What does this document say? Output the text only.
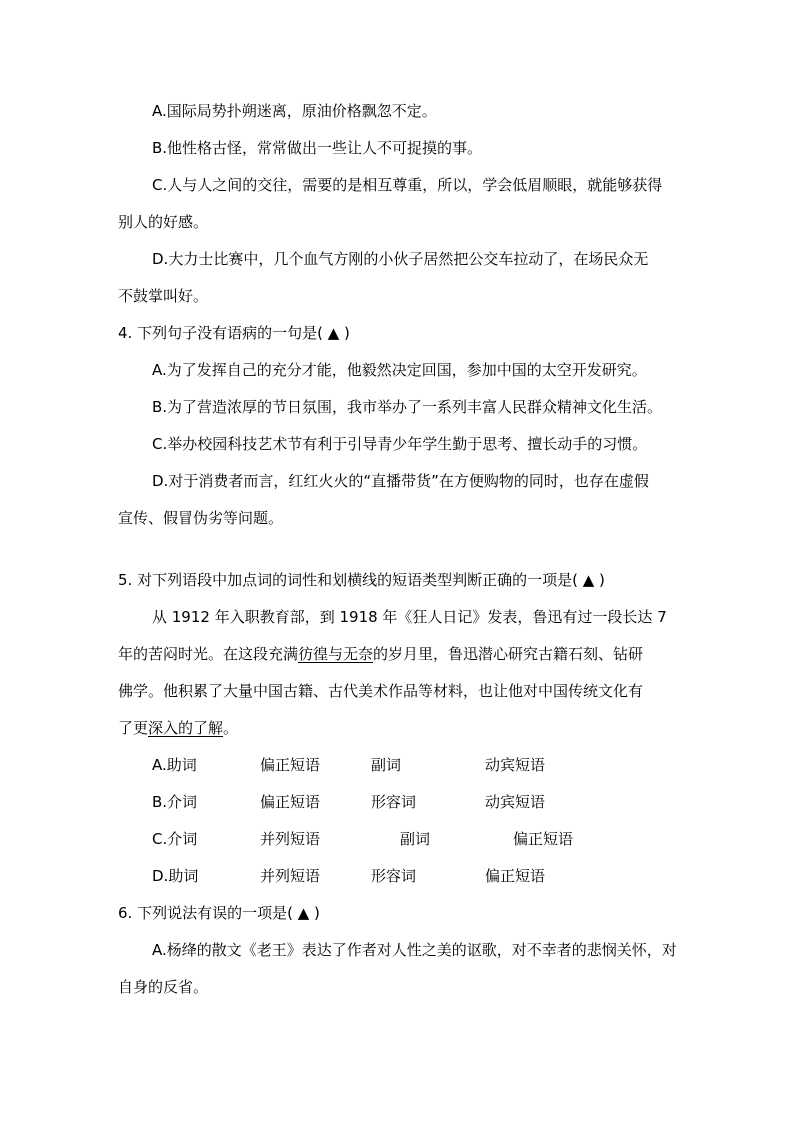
A.国际局势扑朔迷离，原油价格飘忽不定。
B.他性格古怪，常常做出一些让人不可捉摸的事。
C.人与人之间的交往，需要的是相互尊重，所以，学会低眉顺眼，就能够获得
别人的好感。
D.大力士比赛中，几个血气方刚的小伙子居然把公交车拉动了，在场民众无
不鼓掌叫好。
4. 下列句子没有语病的一句是( ▲ )
A.为了发挥自己的充分才能，他毅然决定回国，参加中国的太空开发研究。
B.为了营造浓厚的节日氛围，我市举办了一系列丰富人民群众精神文化生活。
C.举办校园科技艺术节有利于引导青少年学生勤于思考、擅长动手的习惯。
D.对于消费者而言，红红火火的“直播带货”在方便购物的同时，也存在虚假
宣传、假冒伪劣等问题。
5. 对下列语段中加点词的词性和划横线的短语类型判断正确的一项是( ▲ )
从 1912 年入职教育部，到 1918 年《狂人日记》发表，鲁迅有过一段长达 7
年的苦闷时光。在这段充满彷徨与无奈的岁月里，鲁迅潜心研究古籍石刻、钻研
佛学。他积累了大量中国古籍、古代美术作品等材料，也让他对中国传统文化有
了更深入的了解。
A.助词	偏正短语	副词	动宾短语
B.介词	偏正短语	形容词	动宾短语
C.介词	并列短语	副词	偏正短语
D.助词	并列短语	形容词	偏正短语
6. 下列说法有误的一项是( ▲ )
A.杨绛的散文《老王》表达了作者对人性之美的讴歌，对不幸者的悲悯关怀，对
自身的反省。
